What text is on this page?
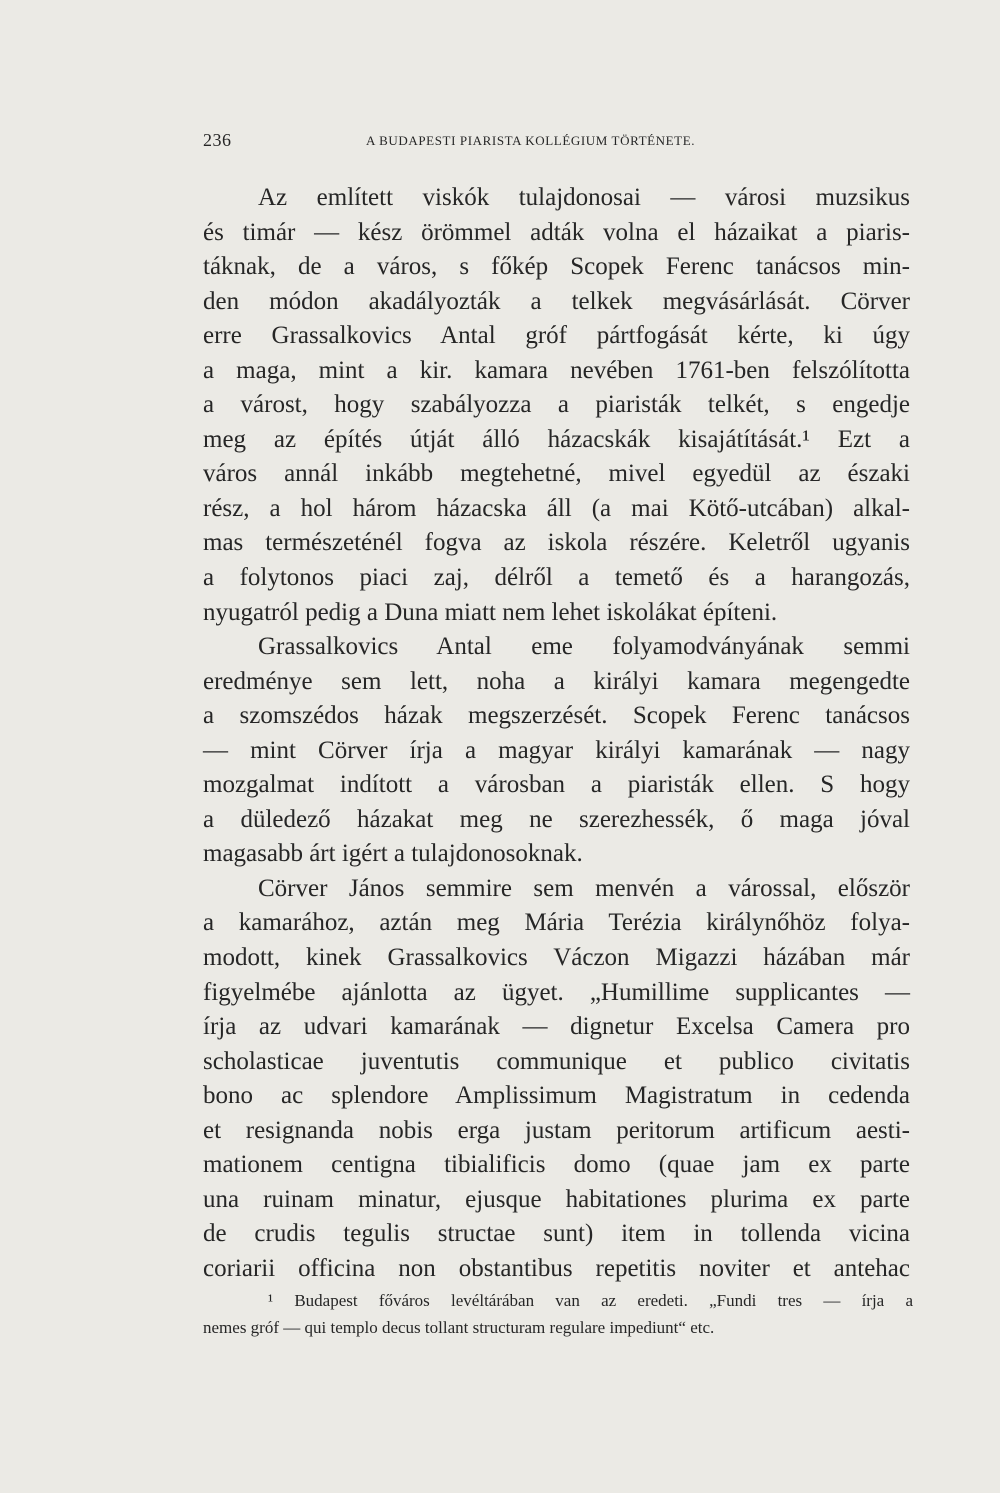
236	A BUDAPESTI PIARISTA KOLLÉGIUM TÖRTÉNETE.
Az említett viskók tulajdonosai — városi muzsikus
és timár — kész örömmel adták volna el házaikat a piaris-
táknak, de a város, s főkép Scopek Ferenc tanácsos min-
den módon akadályozták a telkek megvásárlását. Cörver
erre Grassalkovics Antal gróf pártfogását kérte, ki úgy
a maga, mint a kir. kamara nevében 1761-ben felszólította
a várost, hogy szabályozza a piaristák telkét, s engedje
meg az építés útját álló házacskák kisajátítását.¹ Ezt a
város annál inkább megtehetné, mivel egyedül az északi
rész, a hol három házacska áll (a mai Kötő-utcában) alkal-
mas természeténél fogva az iskola részére. Keletről ugyanis
a folytonos piaci zaj, délről a temető és a harangozás,
nyugatról pedig a Duna miatt nem lehet iskolákat építeni.
Grassalkovics Antal eme folyamodványának semmi
eredménye sem lett, noha a királyi kamara megengedte
a szomszédos házak megszerzését. Scopek Ferenc tanácsos
— mint Cörver írja a magyar királyi kamarának — nagy
mozgalmat indított a városban a piaristák ellen. S hogy
a düledező házakat meg ne szerezhessék, ő maga jóval
magasabb árt igért a tulajdonosoknak.
Cörver János semmire sem menvén a várossal, először
a kamarához, aztán meg Mária Terézia királynőhöz folya-
modott, kinek Grassalkovics Váczon Migazzi házában már
figyelmébe ajánlotta az ügyet. „Humillime supplicantes —
írja az udvari kamarának — dignetur Excelsa Camera pro
scholasticae juventutis communique et publico civitatis
bono ac splendore Amplissimum Magistratum in cedenda
et resignanda nobis erga justam peritorum artificum aesti-
mationem centigna tibialificis domo (quae jam ex parte
una ruinam minatur, ejusque habitationes plurima ex parte
de crudis tegulis structae sunt) item in tollenda vicina
coriarii officina non obstantibus repetitis noviter et antehac
¹ Budapest főváros levéltárában van az eredeti. „Fundi tres — írja a
nemes gróf — qui templo decus tollant structuram regulare impediunt“ etc.
